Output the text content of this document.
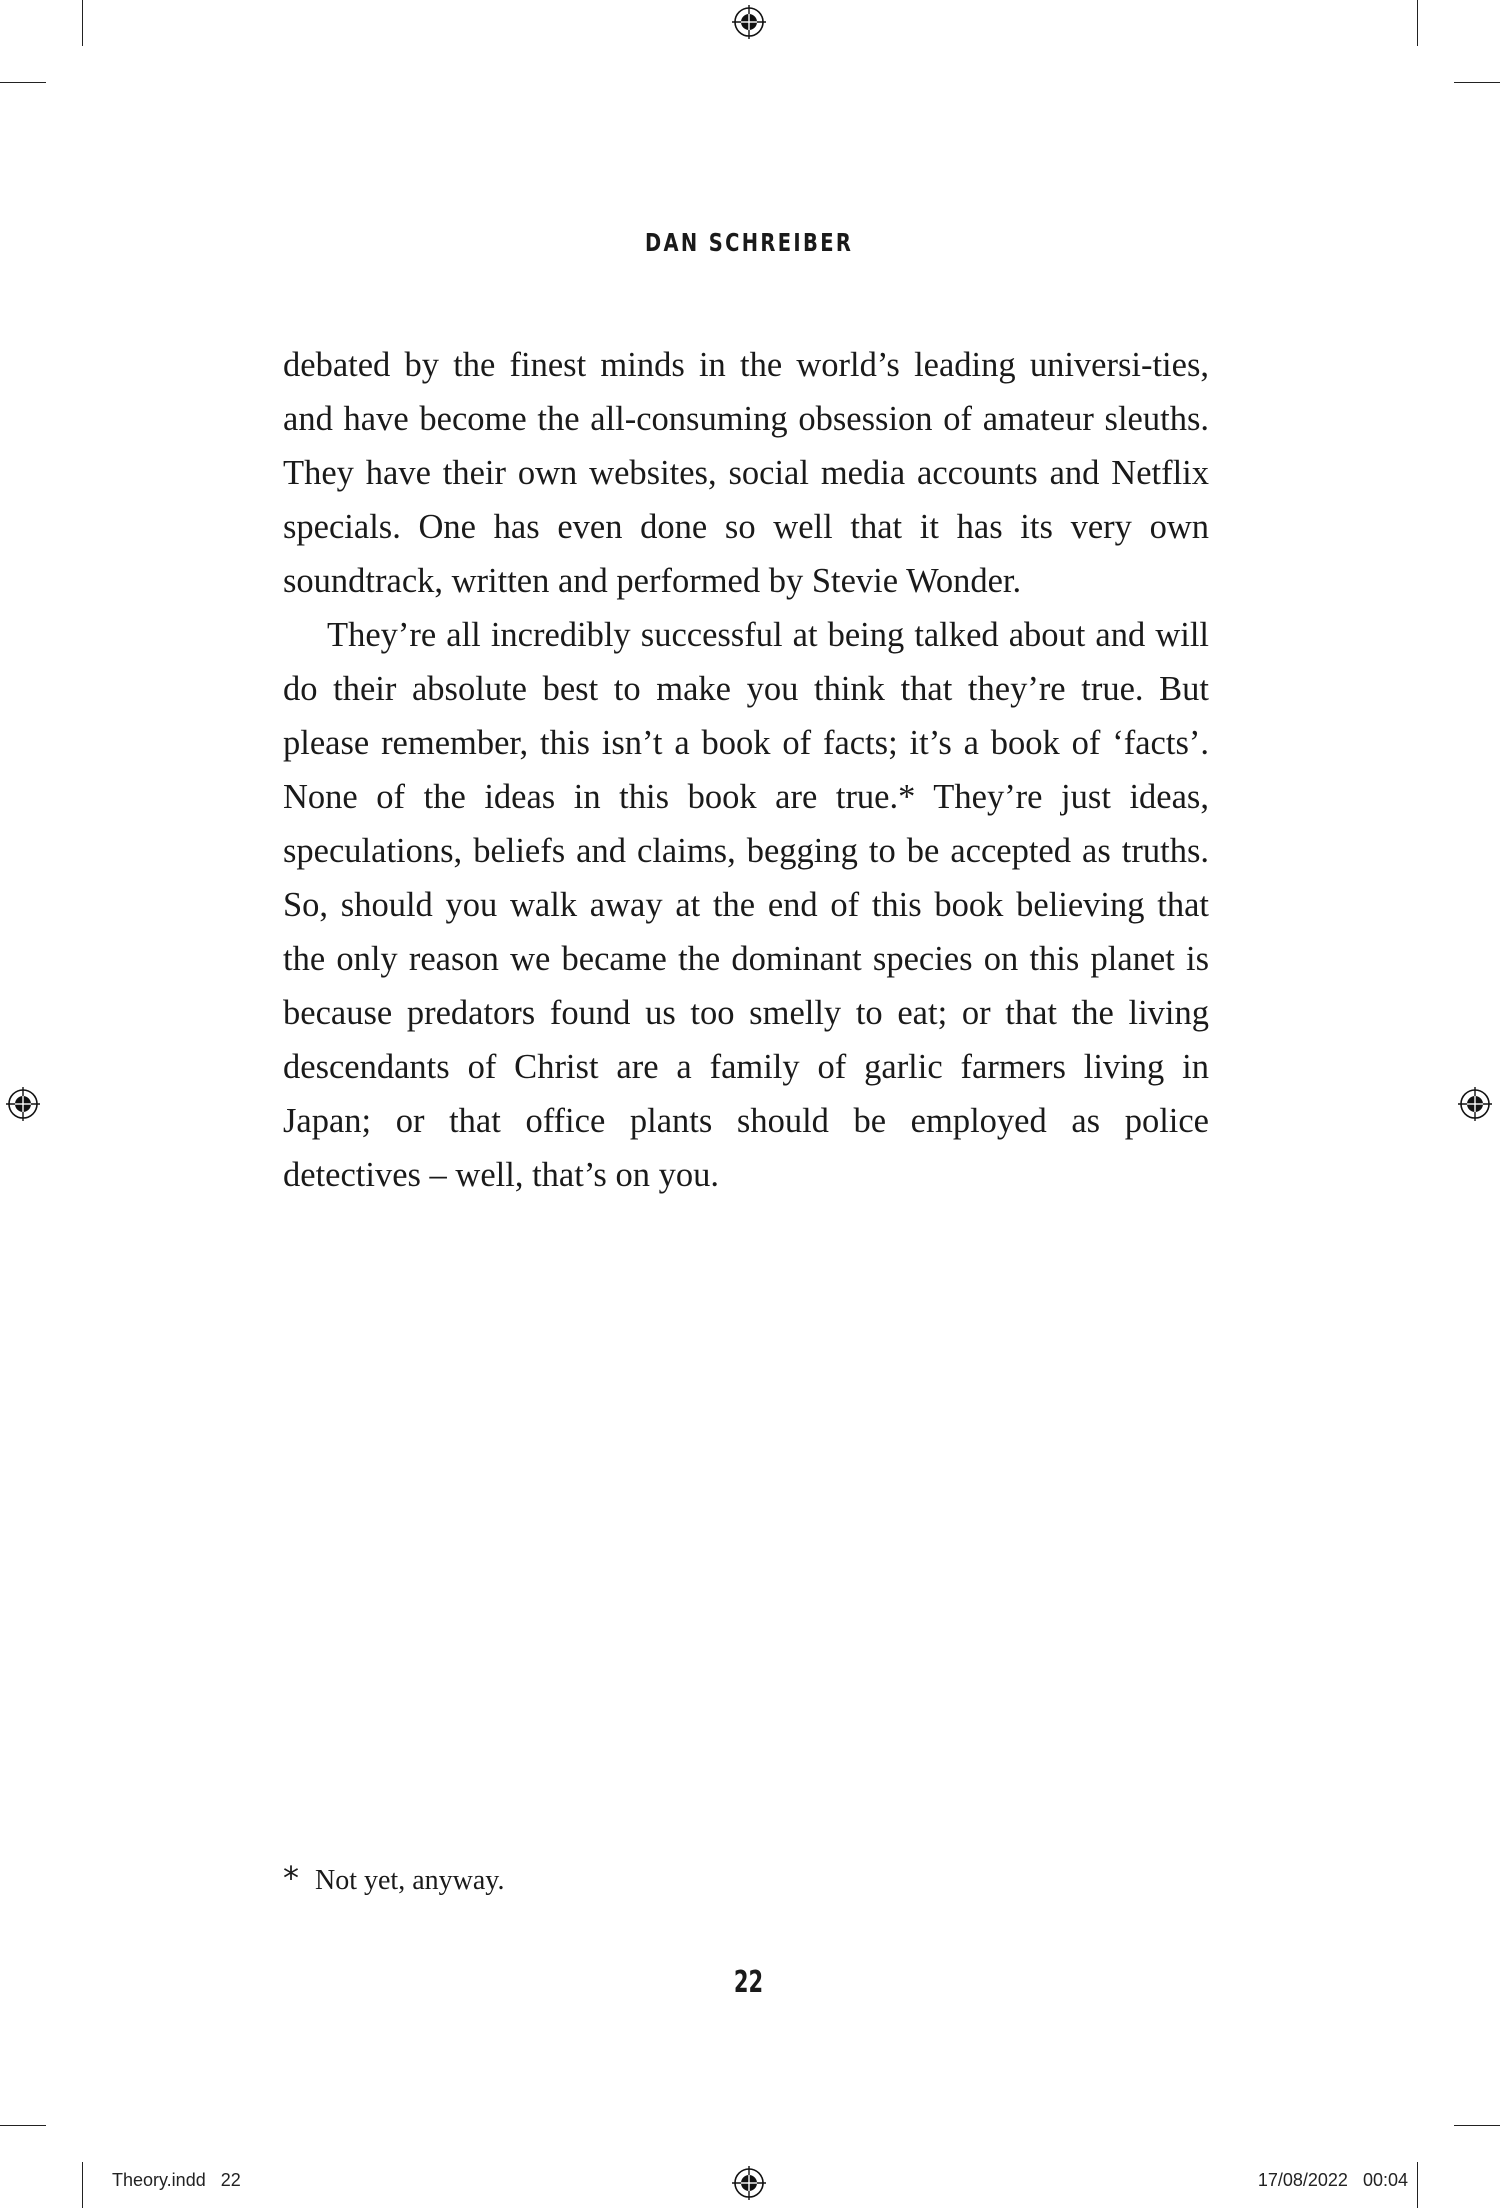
DAN SCHREIBER

debated by the finest minds in the world’s leading universi-ties, and have become the all-consuming obsession of amateur sleuths. They have their own websites, social media accounts and Netflix specials. One has even done so well that it has its very own soundtrack, written and performed by Stevie Wonder.

They’re all incredibly successful at being talked about and will do their absolute best to make you think that they’re true. But please remember, this isn’t a book of facts; it’s a book of ‘facts’. None of the ideas in this book are true.* They’re just ideas, speculations, beliefs and claims, begging to be accepted as truths. So, should you walk away at the end of this book believing that the only reason we became the dominant species on this planet is because predators found us too smelly to eat; or that the living descendants of Christ are a family of garlic farmers living in Japan; or that office plants should be employed as police detectives – well, that’s on you.

* Not yet, anyway.
22
Theory.indd   22	17/08/2022   00:04
